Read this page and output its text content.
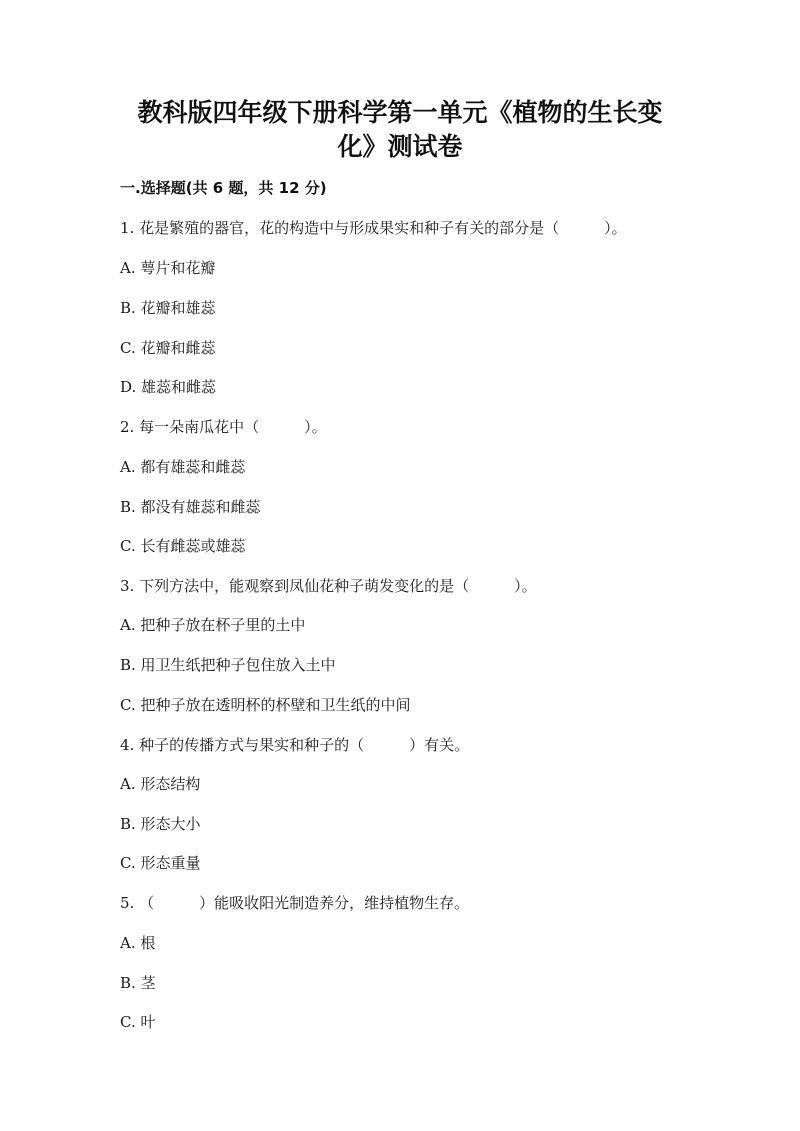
教科版四年级下册科学第一单元《植物的生长变
化》测试卷
一.选择题(共 6 题，共 12 分)
1. 花是繁殖的器官，花的构造中与形成果实和种子有关的部分是（　　　）。
A. 萼片和花瓣
B. 花瓣和雄蕊
C. 花瓣和雌蕊
D. 雄蕊和雌蕊
2. 每一朵南瓜花中（　　　）。
A. 都有雄蕊和雌蕊
B. 都没有雄蕊和雌蕊
C. 长有雌蕊或雄蕊
3. 下列方法中，能观察到凤仙花种子萌发变化的是（　　　）。
A. 把种子放在杯子里的土中
B. 用卫生纸把种子包住放入土中
C. 把种子放在透明杯的杯壁和卫生纸的中间
4. 种子的传播方式与果实和种子的（　　　）有关。
A. 形态结构
B. 形态大小
C. 形态重量
5. （　　　）能吸收阳光制造养分，维持植物生存。
A. 根
B. 茎
C. 叶
